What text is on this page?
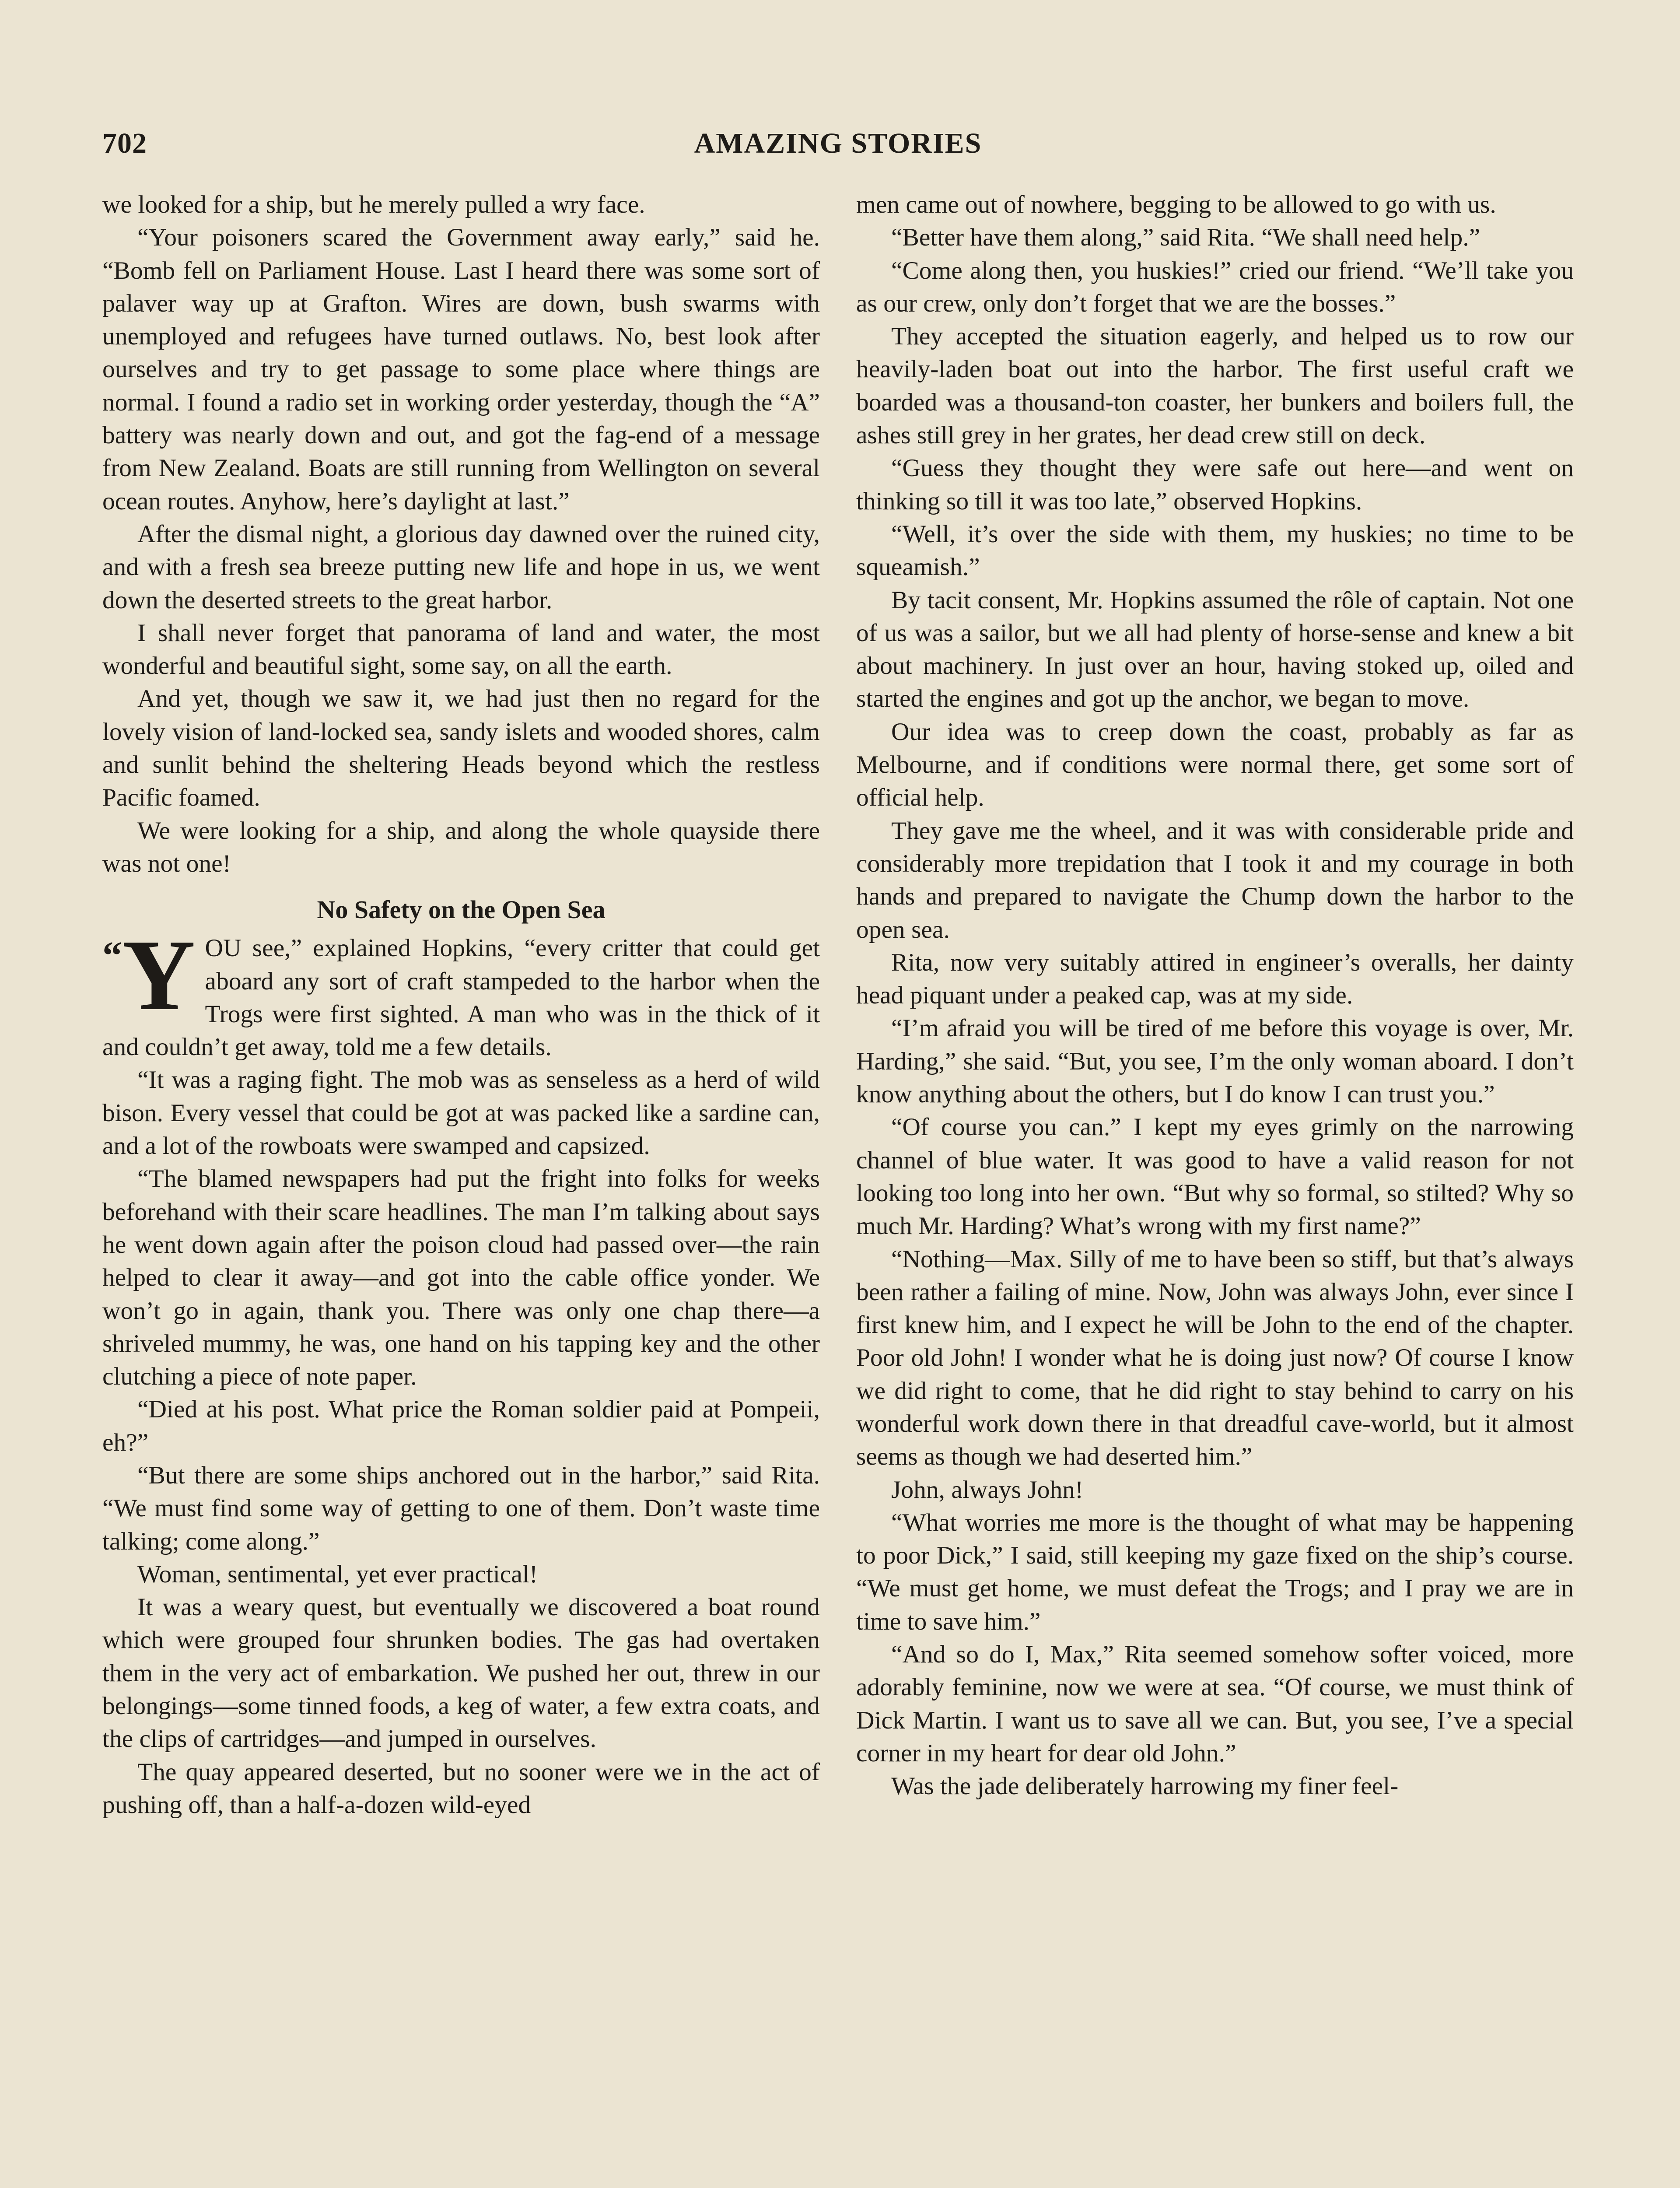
702	AMAZING STORIES

we looked for a ship, but he merely pulled a wry face.

“Your poisoners scared the Government away early,” said he. “Bomb fell on Parliament House. Last I heard there was some sort of palaver way up at Grafton. Wires are down, bush swarms with unemployed and refugees have turned outlaws. No, best look after ourselves and try to get passage to some place where things are normal. I found a radio set in working order yesterday, though the “A” battery was nearly down and out, and got the fag-end of a message from New Zealand. Boats are still running from Wellington on several ocean routes. Anyhow, here’s daylight at last.”

After the dismal night, a glorious day dawned over the ruined city, and with a fresh sea breeze putting new life and hope in us, we went down the deserted streets to the great harbor.

I shall never forget that panorama of land and water, the most wonderful and beautiful sight, some say, on all the earth.

And yet, though we saw it, we had just then no regard for the lovely vision of land-locked sea, sandy islets and wooded shores, calm and sunlit behind the sheltering Heads beyond which the restless Pacific foamed.

We were looking for a ship, and along the whole quayside there was not one!

No Safety on the Open Sea

“Y OU see,” explained Hopkins, “every critter that could get aboard any sort of craft stampeded to the harbor when the Trogs were first sighted. A man who was in the thick of it and couldn’t get away, told me a few details.

“It was a raging fight. The mob was as senseless as a herd of wild bison. Every vessel that could be got at was packed like a sardine can, and a lot of the rowboats were swamped and capsized.

“The blamed newspapers had put the fright into folks for weeks beforehand with their scare headlines. The man I’m talking about says he went down again after the poison cloud had passed over—the rain helped to clear it away—and got into the cable office yonder. We won’t go in again, thank you. There was only one chap there—a shriveled mummy, he was, one hand on his tapping key and the other clutching a piece of note paper.

“Died at his post. What price the Roman soldier paid at Pompeii, eh?”

“But there are some ships anchored out in the harbor,” said Rita. “We must find some way of getting to one of them. Don’t waste time talking; come along.”

Woman, sentimental, yet ever practical!

It was a weary quest, but eventually we discovered a boat round which were grouped four shrunken bodies. The gas had overtaken them in the very act of embarkation. We pushed her out, threw in our belongings—some tinned foods, a keg of water, a few extra coats, and the clips of cartridges—and jumped in ourselves.

The quay appeared deserted, but no sooner were we in the act of pushing off, than a half-a-dozen wild-eyed

men came out of nowhere, begging to be allowed to go with us.

“Better have them along,” said Rita. “We shall need help.”

“Come along then, you huskies!” cried our friend. “We’ll take you as our crew, only don’t forget that we are the bosses.”

They accepted the situation eagerly, and helped us to row our heavily-laden boat out into the harbor. The first useful craft we boarded was a thousand-ton coaster, her bunkers and boilers full, the ashes still grey in her grates, her dead crew still on deck.

“Guess they thought they were safe out here—and went on thinking so till it was too late,” observed Hopkins.

“Well, it’s over the side with them, my huskies; no time to be squeamish.”

By tacit consent, Mr. Hopkins assumed the rôle of captain. Not one of us was a sailor, but we all had plenty of horse-sense and knew a bit about machinery. In just over an hour, having stoked up, oiled and started the engines and got up the anchor, we began to move.

Our idea was to creep down the coast, probably as far as Melbourne, and if conditions were normal there, get some sort of official help.

They gave me the wheel, and it was with considerable pride and considerably more trepidation that I took it and my courage in both hands and prepared to navigate the Chump down the harbor to the open sea.

Rita, now very suitably attired in engineer’s overalls, her dainty head piquant under a peaked cap, was at my side.

“I’m afraid you will be tired of me before this voyage is over, Mr. Harding,” she said. “But, you see, I’m the only woman aboard. I don’t know anything about the others, but I do know I can trust you.”

“Of course you can.” I kept my eyes grimly on the narrowing channel of blue water. It was good to have a valid reason for not looking too long into her own. “But why so formal, so stilted? Why so much Mr. Harding? What’s wrong with my first name?”

“Nothing—Max. Silly of me to have been so stiff, but that’s always been rather a failing of mine. Now, John was always John, ever since I first knew him, and I expect he will be John to the end of the chapter. Poor old John! I wonder what he is doing just now? Of course I know we did right to come, that he did right to stay behind to carry on his wonderful work down there in that dreadful cave-world, but it almost seems as though we had deserted him.”

John, always John!

“What worries me more is the thought of what may be happening to poor Dick,” I said, still keeping my gaze fixed on the ship’s course. “We must get home, we must defeat the Trogs; and I pray we are in time to save him.”

“And so do I, Max,” Rita seemed somehow softer voiced, more adorably feminine, now we were at sea. “Of course, we must think of Dick Martin. I want us to save all we can. But, you see, I’ve a special corner in my heart for dear old John.”

Was the jade deliberately harrowing my finer feel-
